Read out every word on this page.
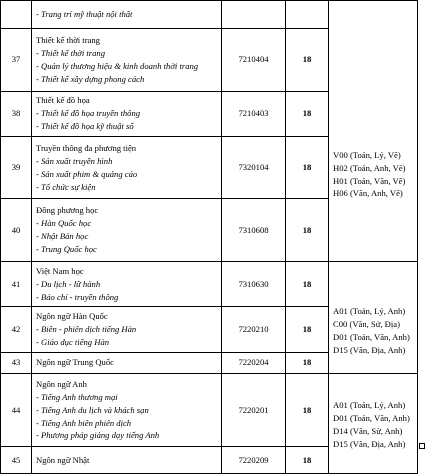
	- Trang trí mỹ thuật nội thất			V00 (Toán, Lý, Vẽ)
H02 (Toán, Anh, Vẽ)
H01 (Toán, Văn, Vẽ)
H06 (Văn, Anh, Vẽ)

37	Thiết kế thời trang
- Thiết kế thời trang
- Quản lý thương hiệu & kinh doanh thời trang
- Thiết kế xây dựng phong cách	7210404	18	
38	Thiết kế đồ họa
- Thiết kế đồ họa truyền thông
- Thiết kế đồ họa kỹ thuật số	7210403	18	
39	Truyền thông đa phương tiện
- Sản xuất truyền hình
- Sản xuất phim & quảng cáo
- Tổ chức sự kiện	7320104	18	
40	Đông phương học
- Hàn Quốc học
- Nhật Bản học
- Trung Quốc học	7310608	18	
41	Việt Nam học
- Du lịch - lữ hành
- Báo chí - truyền thông	7310630	18	A01 (Toán, Lý, Anh)
C00 (Văn, Sử, Địa)
D01 (Toán, Văn, Anh)
D15 (Văn, Địa, Anh)

42	Ngôn ngữ Hàn Quốc
- Biên - phiên dịch tiếng Hàn
- Giáo dục tiếng Hàn	7220210	18	
43	Ngôn ngữ Trung Quốc	7220204	18	
44	Ngôn ngữ Anh
- Tiếng Anh thương mại
- Tiếng Anh du lịch và khách sạn
- Tiếng Anh biên phiên dịch
- Phương pháp giảng dạy tiếng Anh	7220201	18	A01 (Toán, Lý, Anh)
D01 (Toán, Văn, Anh)
D14 (Văn, Sử, Anh)
D15 (Văn, Địa, Anh)

45	Ngôn ngữ Nhật	7220209	18	
